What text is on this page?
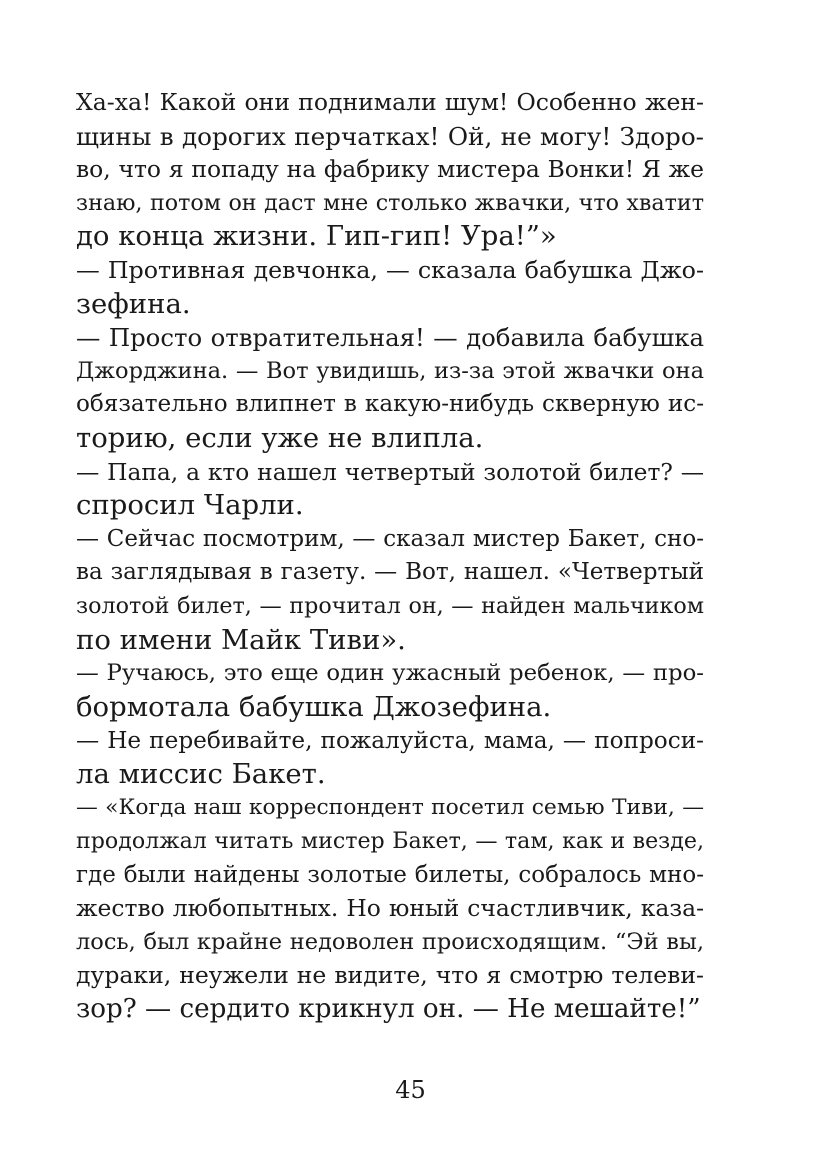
Ха-ха! Какой они поднимали шум! Особенно жен-
щины в дорогих перчатках! Ой, не могу! Здоро-
во, что я попаду на фабрику мистера Вонки! Я же
знаю, потом он даст мне столько жвачки, что хватит
до конца жизни. Гип-гип! Ура!”»
— Противная девчонка, — сказала бабушка Джо-
зефина.
— Просто отвратительная! — добавила бабушка
Джорджина. — Вот увидишь, из-за этой жвачки она
обязательно влипнет в какую-нибудь скверную ис-
торию, если уже не влипла.
— Папа, а кто нашел четвертый золотой билет? —
спросил Чарли.
— Сейчас посмотрим, — сказал мистер Бакет, сно-
ва заглядывая в газету. — Вот, нашел. «Четвертый
золотой билет, — прочитал он, — найден мальчиком
по имени Майк Тиви».
— Ручаюсь, это еще один ужасный ребенок, — про-
бормотала бабушка Джозефина.
— Не перебивайте, пожалуйста, мама, — попроси-
ла миссис Бакет.
— «Когда наш корреспондент посетил семью Тиви, —
продолжал читать мистер Бакет, — там, как и везде,
где были найдены золотые билеты, собралось мно-
жество любопытных. Но юный счастливчик, каза-
лось, был крайне недоволен происходящим. “Эй вы,
дураки, неужели не видите, что я смотрю телеви-
зор? — сердито крикнул он. — Не мешайте!”
45
